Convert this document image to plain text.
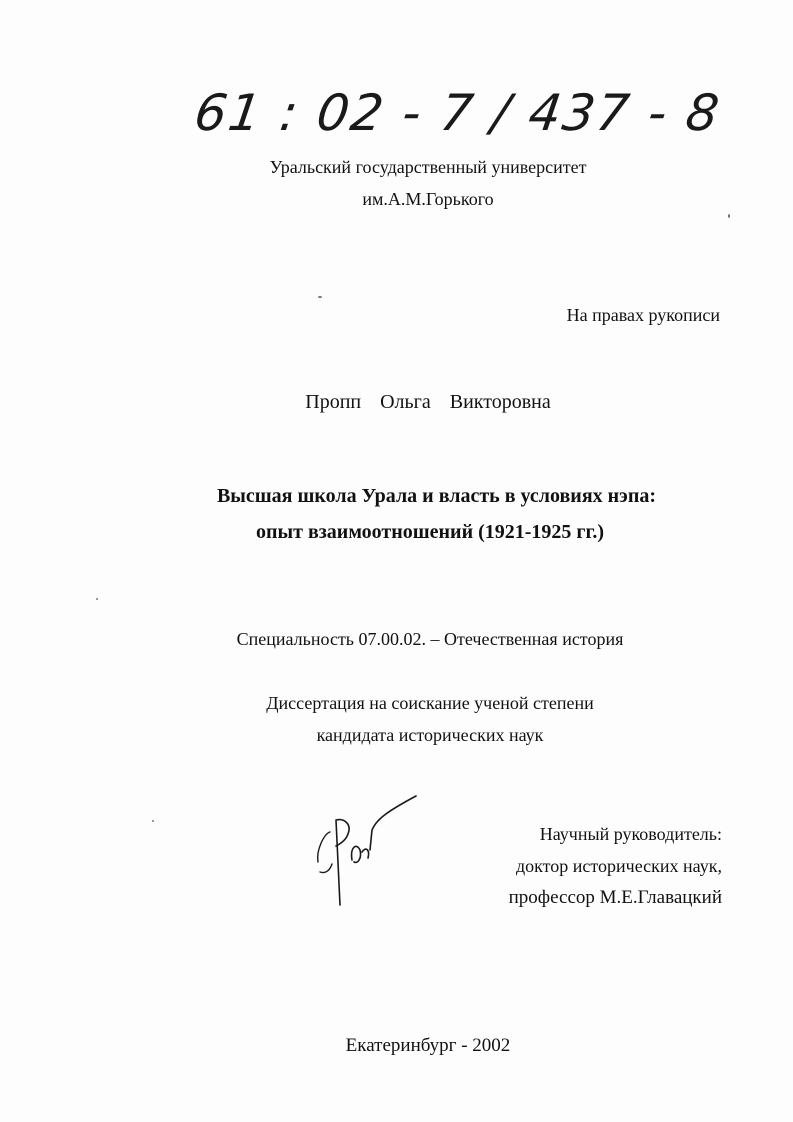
61 : 02 - 7 / 437 - 8
Уральский государственный университет
им.А.М.Горького
На правах рукописи
Пропп Ольга Викторовна
Высшая школа Урала и власть в условиях нэпа:
опыт взаимоотношений (1921-1925 гг.)
Специальность 07.00.02. – Отечественная история
Диссертация на соискание ученой степени
кандидата исторических наук
Научный руководитель:
доктор исторических наук,
профессор М.Е.Главацкий
Екатеринбург - 2002
